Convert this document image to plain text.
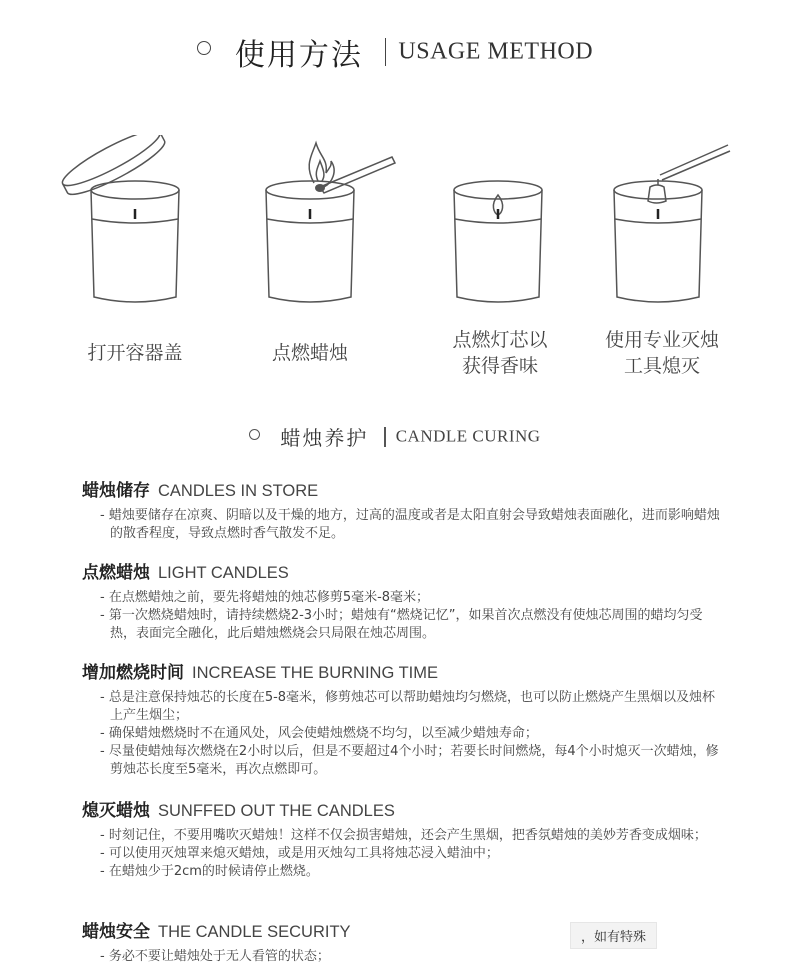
使用方法 USAGE METHOD
打开容器盖	点燃蜡烛
点燃灯芯以
获得香味
使用专业灭烛
工具熄灭
蜡烛养护 CANDLE CURING
蜡烛储存 CANDLES IN STORE
- 蜡烛要储存在凉爽、阴暗以及干燥的地方，过高的温度或者是太阳直射会导致蜡烛表面融化，进而影响蜡烛的散香程度，导致点燃时香气散发不足。
点燃蜡烛 LIGHT CANDLES
- 在点燃蜡烛之前，要先将蜡烛的烛芯修剪5毫米-8毫米；
- 第一次燃烧蜡烛时，请持续燃烧2-3小时；蜡烛有“燃烧记忆”，如果首次点燃没有使烛芯周围的蜡均匀受热，表面完全融化，此后蜡烛燃烧会只局限在烛芯周围。
增加燃烧时间 INCREASE THE BURNING TIME
- 总是注意保持烛芯的长度在5-8毫米，修剪烛芯可以帮助蜡烛均匀燃烧，也可以防止燃烧产生黑烟以及烛杯上产生烟尘；
- 确保蜡烛燃烧时不在通风处，风会使蜡烛燃烧不均匀，以至减少蜡烛寿命；
- 尽量使蜡烛每次燃烧在2小时以后，但是不要超过4个小时；若要长时间燃烧，每4个小时熄灭一次蜡烛，修剪烛芯长度至5毫米，再次点燃即可。
熄灭蜡烛 SUNFFED OUT THE CANDLES
- 时刻记住，不要用嘴吹灭蜡烛！这样不仅会损害蜡烛，还会产生黑烟，把香氛蜡烛的美妙芳香变成烟味；
- 可以使用灭烛罩来熄灭蜡烛，或是用灭烛勾工具将烛芯浸入蜡油中；
- 在蜡烛少于2cm的时候请停止燃烧。
蜡烛安全 THE CANDLE SECURITY
- 务必不要让蜡烛处于无人看管的状态；
，如有特殊
